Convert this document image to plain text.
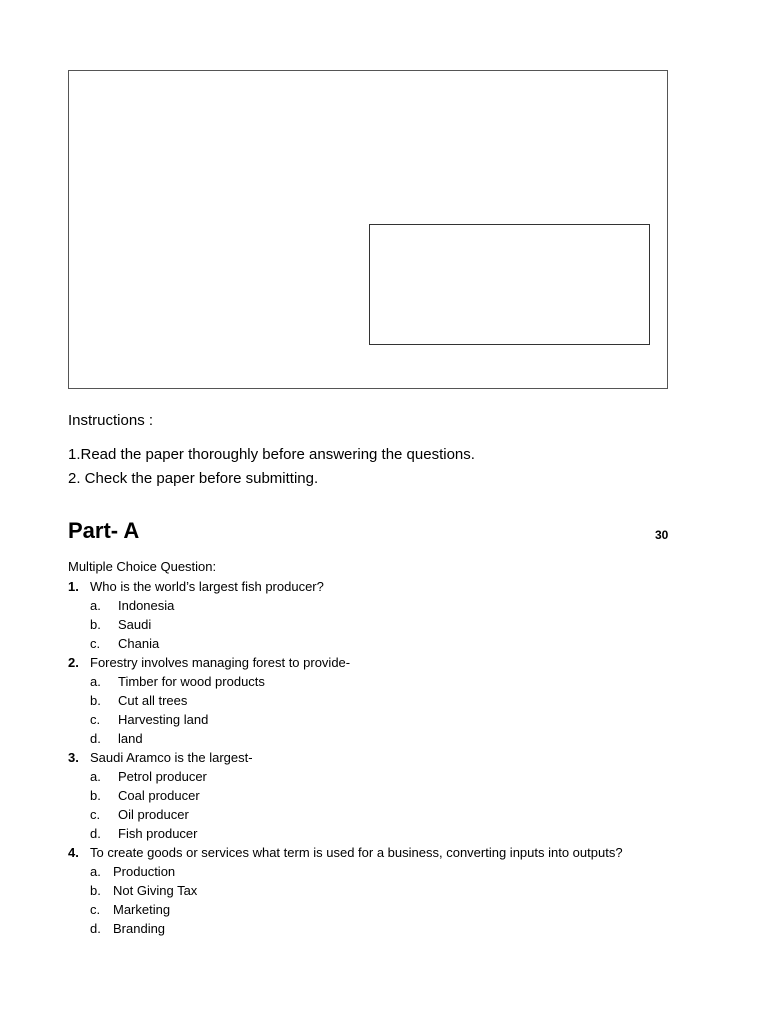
Instructions :
1.Read the paper thoroughly before answering the questions.
2. Check the paper before submitting.
Part- A	30
Multiple Choice Question:
1. Who is the world’s largest fish producer?
a.	Indonesia
b.	Saudi
c.	Chania
2. Forestry involves managing forest to provide-
a.	Timber for wood products
b.	Cut all trees
c.	Harvesting land
d.	land
3. Saudi Aramco is the largest-
a.	Petrol producer
b.	Coal producer
c.	Oil producer
d.	Fish producer
4. To create goods or services what term is used for a business, converting inputs into outputs?
a. Production
b. Not Giving Tax
c. Marketing
d. Branding
